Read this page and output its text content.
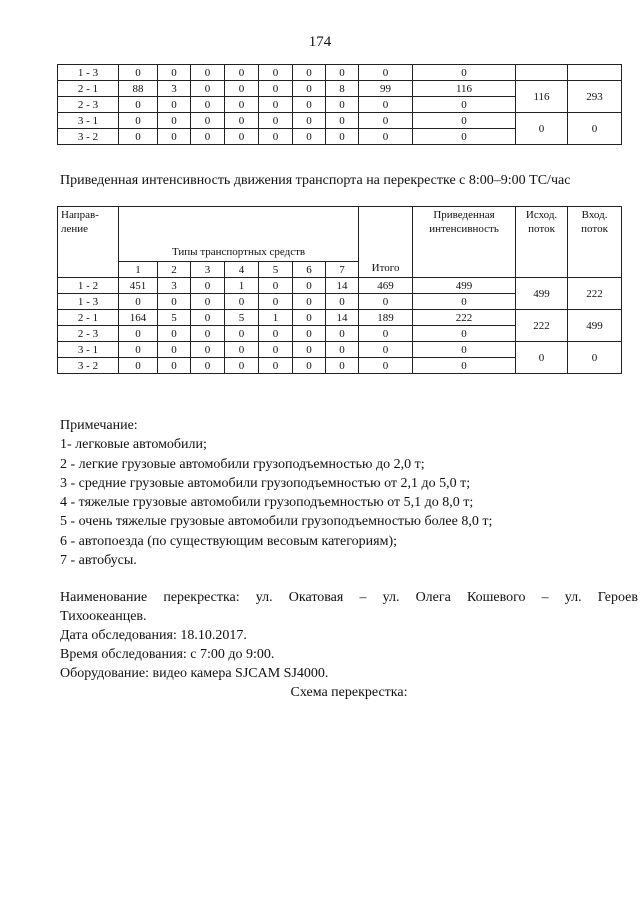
174
1 - 3	0	0	0	0	0	0	0	0	0		
2 - 1	88	3	0	0	0	0	8	99	116	116	293
2 - 3	0	0	0	0	0	0	0	0	0		
3 - 1	0	0	0	0	0	0	0	0	0	0	0
3 - 2	0	0	0	0	0	0	0	0	0		
Приведенная интенсивность движения транспорта на перекрестке с 8:00–9:00 ТС/час
Направ-ление	Типы транспортных средств							Итого	Приведенная интенсивность	Исход. поток	Вход. поток
	1	2	3	4	5	6	7				
1 - 2	451	3	0	1	0	0	14	469	499	499	222
1 - 3	0	0	0	0	0	0	0	0	0		
2 - 1	164	5	0	5	1	0	14	189	222	222	499
2 - 3	0	0	0	0	0	0	0	0	0		
3 - 1	0	0	0	0	0	0	0	0	0	0	0
3 - 2	0	0	0	0	0	0	0	0	0		
Примечание:
1- легковые автомобили;
2 - легкие грузовые автомобили грузоподъемностью до 2,0 т;
3 - средние грузовые автомобили грузоподъемностью от 2,1 до 5,0 т;
4 - тяжелые грузовые автомобили грузоподъемностью от 5,1 до 8,0 т;
5 - очень тяжелые грузовые автомобили грузоподъемностью более 8,0 т;
6 - автопоезда (по существующим весовым категориям);
7 - автобусы.
Наименование перекрестка: ул. Окатовая – ул. Олега Кошевого – ул. Героев
Тихоокеанцев.
Дата обследования: 18.10.2017.
Время обследования: с 7:00 до 9:00.
Оборудование: видео камера SJCAM SJ4000.
Схема перекрестка:
